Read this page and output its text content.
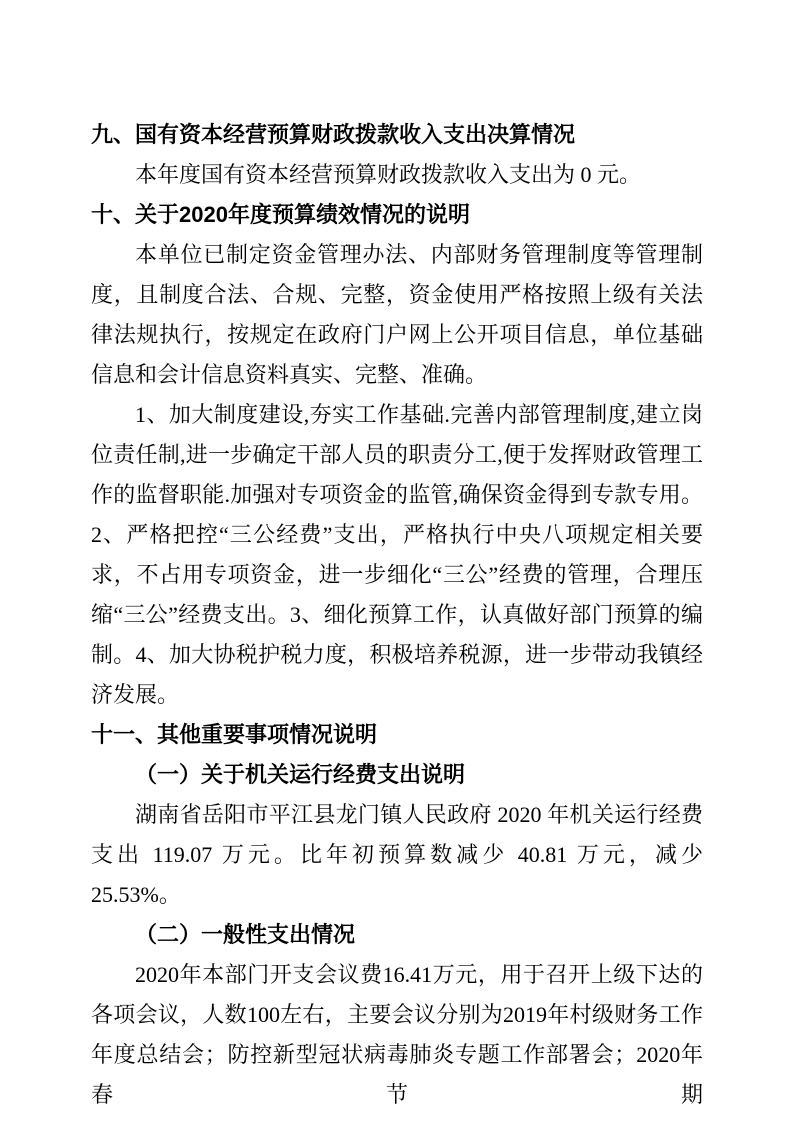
九、国有资本经营预算财政拨款收入支出决算情况
本年度国有资本经营预算财政拨款收入支出为 0 元。
十、关于2020年度预算绩效情况的说明
本单位已制定资金管理办法、内部财务管理制度等管理制度，且制度合法、合规、完整，资金使用严格按照上级有关法律法规执行，按规定在政府门户网上公开项目信息，单位基础信息和会计信息资料真实、完整、准确。
1、加大制度建设,夯实工作基础.完善内部管理制度,建立岗位责任制,进一步确定干部人员的职责分工,便于发挥财政管理工作的监督职能.加强对专项资金的监管,确保资金得到专款专用。2、严格把控“三公经费”支出，严格执行中央八项规定相关要求，不占用专项资金，进一步细化“三公”经费的管理，合理压缩“三公”经费支出。3、细化预算工作，认真做好部门预算的编制。4、加大协税护税力度，积极培养税源，进一步带动我镇经济发展。
十一、其他重要事项情况说明
（一）关于机关运行经费支出说明
湖南省岳阳市平江县龙门镇人民政府 2020 年机关运行经费支出 119.07 万元。比年初预算数减少 40.81 万元，减少 25.53%。
（二）一般性支出情况
2020年本部门开支会议费16.41万元，用于召开上级下达的各项会议，人数100左右，主要会议分别为2019年村级财务工作年度总结会；防控新型冠状病毒肺炎专题工作部署会；2020年春节期
